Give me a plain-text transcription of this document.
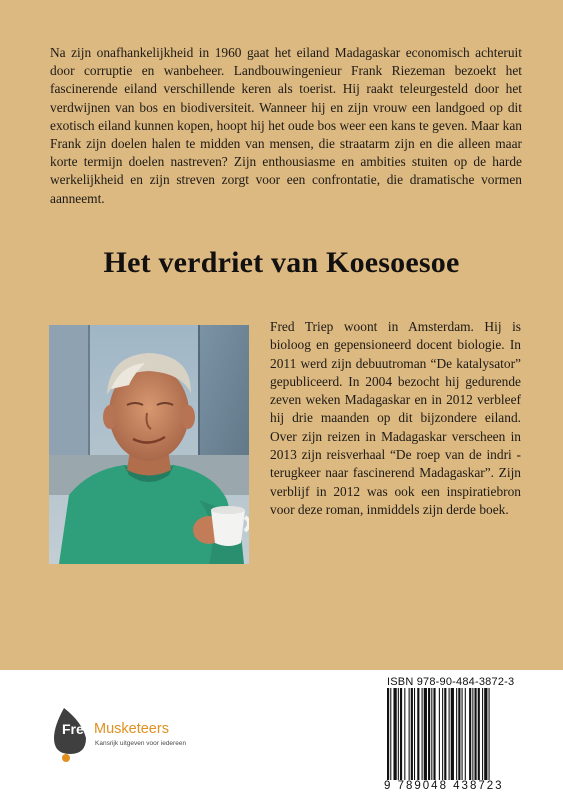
Na zijn onafhankelijkheid in 1960 gaat het eiland Madagaskar economisch achteruit door corruptie en wanbeheer. Landbouwingenieur Frank Riezeman bezoekt het fascinerende eiland verschillende keren als toerist. Hij raakt teleurgesteld door het verdwijnen van bos en biodiversiteit. Wanneer hij en zijn vrouw een landgoed op dit exotisch eiland kunnen kopen, hoopt hij het oude bos weer een kans te geven. Maar kan Frank zijn doelen halen te midden van mensen, die straatarm zijn en die alleen maar korte termijn doelen nastreven? Zijn enthousiasme en ambities stuiten op de harde werkelijkheid en zijn streven zorgt voor een confrontatie, die dramatische vormen aanneemt.

Het verdriet van Koesoesoe

Fred Triep woont in Amsterdam. Hij is bioloog en gepensioneerd docent biologie. In 2011 werd zijn debuutroman “De katalysator” gepubliceerd. In 2004 bezocht hij gedurende zeven weken Madagaskar en in 2012 verbleef hij drie maanden op dit bijzondere eiland. Over zijn reizen in Madagaskar verscheen in 2013 zijn reisverhaal “De roep van de indri - terugkeer naar fascinerend Madagaskar”. Zijn verblijf in 2012 was ook een inspiratiebron voor deze roman, inmiddels zijn derde boek.

Free Musketeers
Kansrijk uitgeven voor iedereen
ISBN 978-90-484-3872-3
9 789048 438723
